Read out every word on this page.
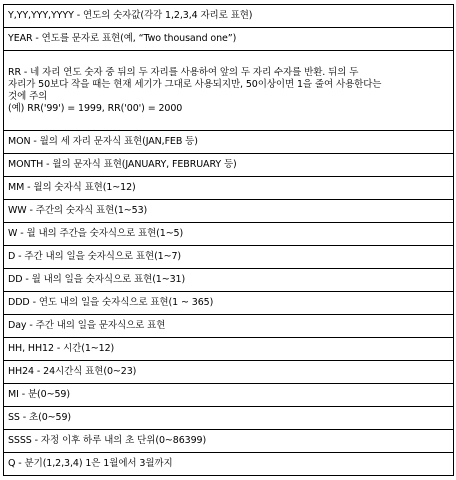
Y,YY,YYY,YYYY - 연도의 숫자값(각각 1,2,3,4 자리로 표현)
YEAR - 연도를 문자로 표현(예, “Two thousand one”)

RR - 네 자리 연도 숫자 중 뒤의 두 자리를 사용하여 앞의 두 자리 수자를 반환. 뒤의 두
자리가 50보다 작을 때는 현재 세기가 그대로 사용되지만, 50이상이면 1을 줄여 사용한다는
것에 주의
(예) RR('99') = 1999, RR('00') = 2000

MON - 월의 세 자리 문자식 표현(JAN,FEB 등)
MONTH - 월의 문자식 표현(JANUARY, FEBRUARY 등)
MM - 월의 숫자식 표현(1~12)
WW - 주간의 숫자식 표현(1~53)
W - 월 내의 주간을 숫자식으로 표현(1~5)
D - 주간 내의 일을 숫자식으로 표현(1~7)
DD - 월 내의 일을 숫자식으로 표현(1~31)
DDD - 연도 내의 일을 숫자식으로 표현(1 ~ 365)
Day - 주간 내의 일을 문자식으로 표현
HH, HH12 - 시간(1~12)
HH24 - 24시간식 표현(0~23)
MI - 분(0~59)
SS - 초(0~59)
SSSS - 자정 이후 하루 내의 초 단위(0~86399)
Q - 분기(1,2,3,4) 1은 1월에서 3월까지
